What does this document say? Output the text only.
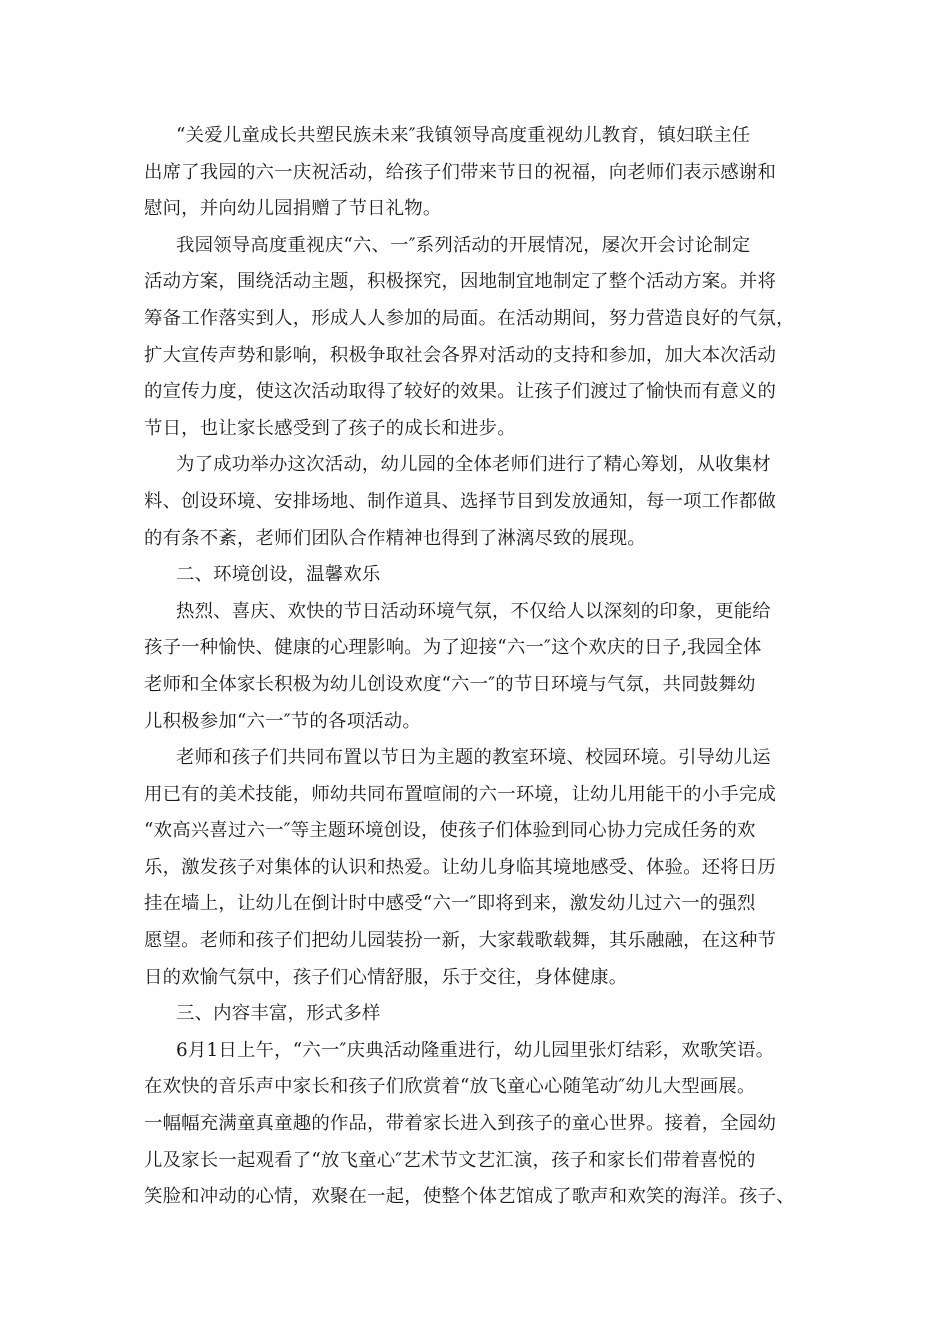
“关爱儿童成长共塑民族未来″我镇领导高度重视幼儿教育，镇妇联主任
出席了我园的六一庆祝活动，给孩子们带来节日的祝福，向老师们表示感谢和
慰问，并向幼儿园捐赠了节日礼物。
我园领导高度重视庆“六、一″系列活动的开展情况，屡次开会讨论制定
活动方案，围绕活动主题，积极探究，因地制宜地制定了整个活动方案。并将
筹备工作落实到人，形成人人参加的局面。在活动期间，努力营造良好的气氛，
扩大宣传声势和影响，积极争取社会各界对活动的支持和参加，加大本次活动
的宣传力度，使这次活动取得了较好的效果。让孩子们渡过了愉快而有意义的
节日，也让家长感受到了孩子的成长和进步。
为了成功举办这次活动，幼儿园的全体老师们进行了精心筹划，从收集材
料、创设环境、安排场地、制作道具、选择节目到发放通知，每一项工作都做
的有条不紊，老师们团队合作精神也得到了淋漓尽致的展现。
二、环境创设，温馨欢乐
热烈、喜庆、欢快的节日活动环境气氛，不仅给人以深刻的印象，更能给
孩子一种愉快、健康的心理影响。为了迎接“六一″这个欢庆的日子,我园全体
老师和全体家长积极为幼儿创设欢度“六一″的节日环境与气氛，共同鼓舞幼
儿积极参加“六一″节的各项活动。
老师和孩子们共同布置以节日为主题的教室环境、校园环境。引导幼儿运
用已有的美术技能，师幼共同布置喧闹的六一环境，让幼儿用能干的小手完成
“欢高兴喜过六一″等主题环境创设，使孩子们体验到同心协力完成任务的欢
乐，激发孩子对集体的认识和热爱。让幼儿身临其境地感受、体验。还将日历
挂在墙上，让幼儿在倒计时中感受“六一″即将到来，激发幼儿过六一的强烈
愿望。老师和孩子们把幼儿园装扮一新，大家载歌载舞，其乐融融，在这种节
日的欢愉气氛中，孩子们心情舒服，乐于交往，身体健康。
三、内容丰富，形式多样
6月1日上午，“六一″庆典活动隆重进行，幼儿园里张灯结彩，欢歌笑语。
在欢快的音乐声中家长和孩子们欣赏着“放飞童心心随笔动″幼儿大型画展。
一幅幅充满童真童趣的作品，带着家长进入到孩子的童心世界。接着，全园幼
儿及家长一起观看了“放飞童心″艺术节文艺汇演，孩子和家长们带着喜悦的
笑脸和冲动的心情，欢聚在一起，使整个体艺馆成了歌声和欢笑的海洋。孩子、
